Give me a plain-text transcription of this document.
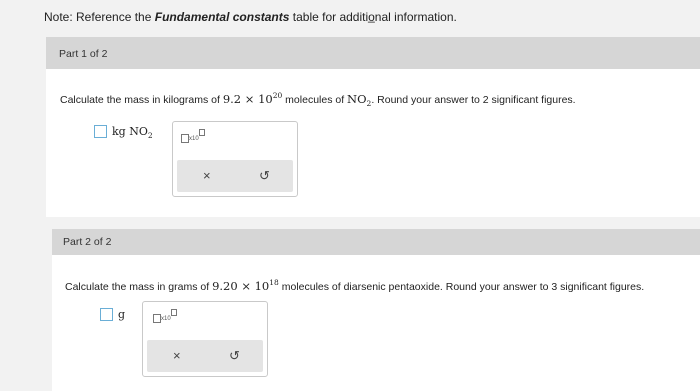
Note: Reference the Fundamental constants table for additio̲nal information.
Part 1 of 2
Calculate the mass in kilograms of $9.2 \times 10^{20}$ molecules of $NO_2$. Round your answer to 2 significant figures.
kg $NO_2$	x10
×	↺
Part 2 of 2
Calculate the mass in grams of $9.20 \times 10^{18}$ molecules of diarsenic pentaoxide. Round your answer to 3 significant figures.
g	x10
×	↺
